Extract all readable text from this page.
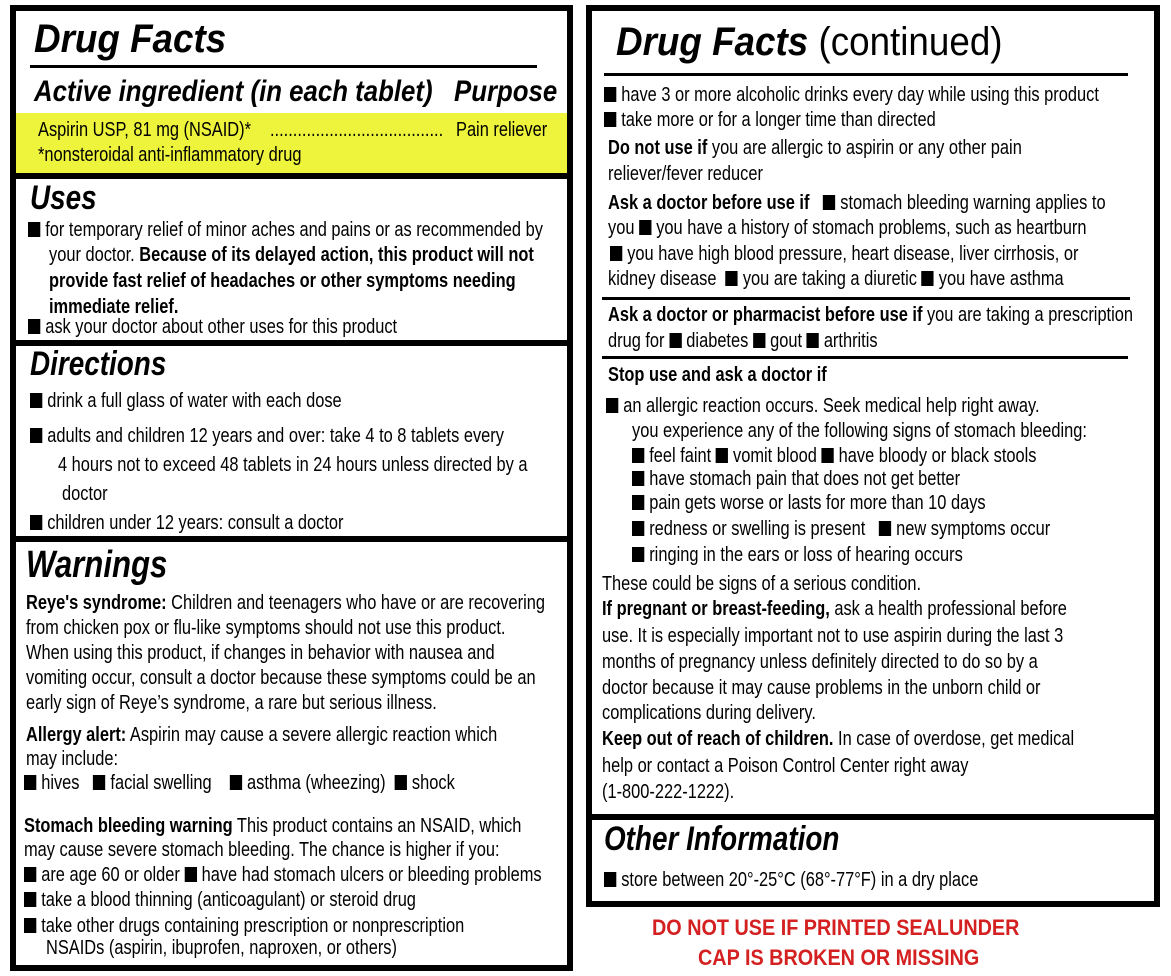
Drug Facts
Active ingredient (in each tablet) Purpose
Aspirin USP, 81 mg (NSAID)* ...................................... Pain reliever
*nonsteroidal anti-inflammatory drug
Uses
for temporary relief of minor aches and pains or as recommended by
your doctor. Because of its delayed action, this product will not
provide fast relief of headaches or other symptoms needing
immediate relief.
ask your doctor about other uses for this product
Directions
drink a full glass of water with each dose
adults and children 12 years and over: take 4 to 8 tablets every
4 hours not to exceed 48 tablets in 24 hours unless directed by a
doctor
children under 12 years: consult a doctor
Warnings
Reye's syndrome: Children and teenagers who have or are recovering
from chicken pox or flu-like symptoms should not use this product.
When using this product, if changes in behavior with nausea and
vomiting occur, consult a doctor because these symptoms could be an
early sign of Reye’s syndrome, a rare but serious illness.
Allergy alert: Aspirin may cause a severe allergic reaction which
may include:
hives facial swelling asthma (wheezing) shock
Stomach bleeding warning This product contains an NSAID, which
may cause severe stomach bleeding. The chance is higher if you:
are age 60 or older have had stomach ulcers or bleeding problems
take a blood thinning (anticoagulant) or steroid drug
take other drugs containing prescription or nonprescription
NSAIDs (aspirin, ibuprofen, naproxen, or others)
Drug Facts (continued)
have 3 or more alcoholic drinks every day while using this product
take more or for a longer time than directed
Do not use if you are allergic to aspirin or any other pain
reliever/fever reducer
Ask a doctor before use if stomach bleeding warning applies to
you you have a history of stomach problems, such as heartburn
you have high blood pressure, heart disease, liver cirrhosis, or
kidney disease you are taking a diuretic you have asthma
Ask a doctor or pharmacist before use if you are taking a prescription
drug for diabetes gout arthritis
Stop use and ask a doctor if
an allergic reaction occurs. Seek medical help right away.
you experience any of the following signs of stomach bleeding:
feel faint vomit blood have bloody or black stools
have stomach pain that does not get better
pain gets worse or lasts for more than 10 days
redness or swelling is present new symptoms occur
ringing in the ears or loss of hearing occurs
These could be signs of a serious condition.
If pregnant or breast-feeding, ask a health professional before
use. It is especially important not to use aspirin during the last 3
months of pregnancy unless definitely directed to do so by a
doctor because it may cause problems in the unborn child or
complications during delivery.
Keep out of reach of children. In case of overdose, get medical
help or contact a Poison Control Center right away
(1-800-222-1222).
Other Information
store between 20°-25°C (68°-77°F) in a dry place
DO NOT USE IF PRINTED SEALUNDER
CAP IS BROKEN OR MISSING
